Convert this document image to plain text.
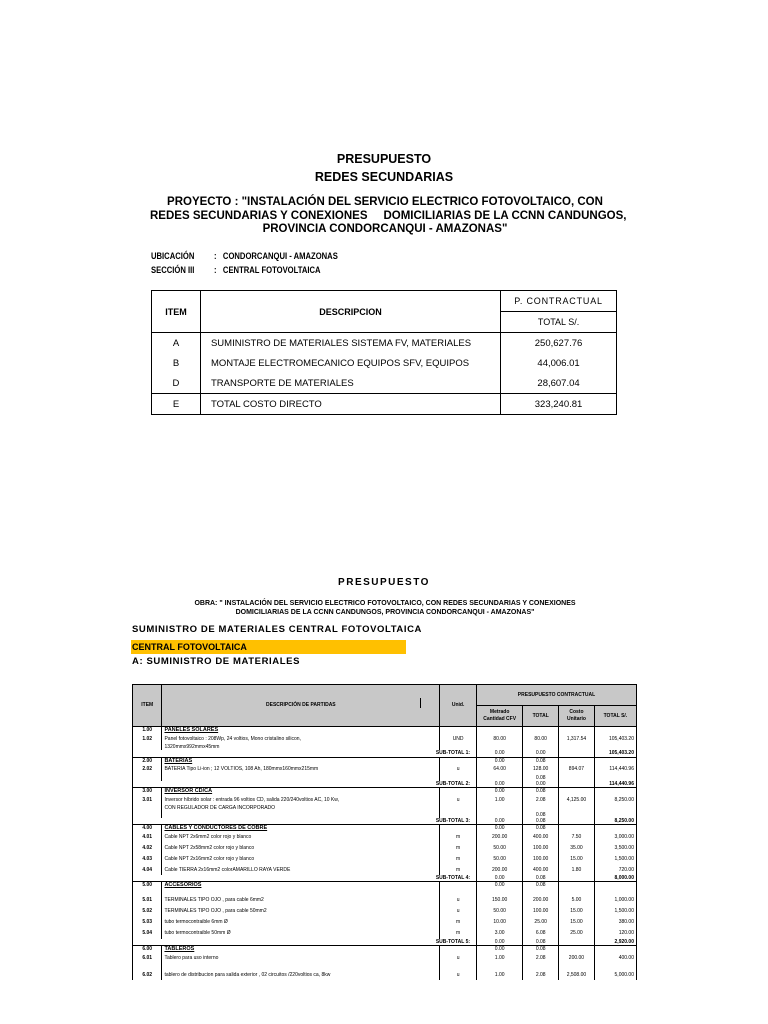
PRESUPUESTO
REDES SECUNDARIAS
PROYECTO : "INSTALACIÓN DEL SERVICIO ELECTRICO FOTOVOLTAICO, CON
REDES SECUNDARIAS Y CONEXIONES     DOMICILIARIAS DE LA CCNN CANDUNGOS,
PROVINCIA CONDORCANQUI - AMAZONAS"
UBICACIÓN :   CONDORCANQUI - AMAZONAS
SECCIÓN III :   CENTRAL FOTOVOLTAICA
ITEM	DESCRIPCION	P. CONTRACTUAL
		TOTAL S/.
A	SUMINISTRO DE MATERIALES SISTEMA FV, MATERIALES	250,627.76
B	MONTAJE ELECTROMECANICO EQUIPOS SFV, EQUIPOS	44,006.01
D	TRANSPORTE DE MATERIALES	28,607.04
E	TOTAL COSTO DIRECTO	323,240.81
PRESUPUESTO
OBRA: " INSTALACIÓN DEL SERVICIO ELECTRICO FOTOVOLTAICO, CON REDES SECUNDARIAS Y CONEXIONES
DOMICILIARIAS DE LA CCNN CANDUNGOS, PROVINCIA CONDORCANQUI - AMAZONAS"
SUMINISTRO DE MATERIALES CENTRAL FOTOVOLTAICA
CENTRAL FOTOVOLTAICA
A: SUMINISTRO DE MATERIALES
ITEM	DESCRIPCIÓN DE PARTIDAS	Unid.	PRESUPUESTO CONTRACTUAL			
			Metrado Cantidad CFV	TOTAL	Costo Unitario	TOTAL S/.
1.00	PANELES SOLARES					
1.02	Panel fotovoltaico : 208Wp, 24 voltios, Mono cristalino silicon,	UND	80.00	80.00	1,317.54	105,403.20
	1320mmx992mmx45mm					
SUB-TOTAL 1:			0.00	0.00		105,403.20
2.00	BATERIAS		0.00	0.08		
2.02	BATERIA Tipo Li-ion ; 12 VOLTIOS, 108 Ah, 180mmx160mmx215mm	u	64.00	128.00	894.07	114,440.96
				0.08		
SUB-TOTAL 2:			0.00	0.00		114,440.96
3.00	INVERSOR CD/CA		0.00	0.08		
3.01	Inversor híbrido solar : entrada 96 voltios CD, salida 220/240voltios AC, 10 Kw,	u	1.00	2.08	4,125.00	8,250.00
	CON REGULADOR DE CARGA INCORPORADO					
				0.08		
SUB-TOTAL 3:			0.00	0.08		8,250.00
4.00	CABLES Y CONDUCTORES DE COBRE		0.00	0.08		
4.01	Cable NPT 2x6mm2 color rojo y blanco	m	200.00	400.00	7.50	3,000.00
4.02	Cable NPT 2x58mm2 color rojo y blanco	m	50.00	100.00	35.00	3,500.00
4.03	Cable NPT 2x16mm2 color rojo y blanco	m	50.00	100.00	15.00	1,500.00
4.04	Cable TIERRA 2x16mm2 colorAMARILLO RAYA VERDE	m	200.00	400.00	1.80	720.00
SUB-TOTAL 4:			0.00	0.08		8,000.00
5.00	ACCESORIOS		0.00	0.08		

5.01	TERMINALES TIPO OJO , para cable 6mm2	u	150.00	200.00	5.00	1,000.00
5.02	TERMINALES TIPO OJO , para cable 50mm2	u	50.00	100.00	15.00	1,500.00
5.03	tubo termocontraible 6mm Ø	m	10.00	25.00	15.00	380.00
5.04	tubo termocontraible 50mm Ø	m	3.00	6.08	25.00	120.00
SUB-TOTAL 5:			0.00	0.08		2,920.00
6.00	TABLEROS		0.00	0.08		
6.01	Tablero para uso interno	u	1.00	2.08	200.00	400.00

6.02	tablero de distribucion para salida exterior , 02 circuitos /220voltios ca, 8kw	u	1.00	2.08	2,508.00	5,000.00
